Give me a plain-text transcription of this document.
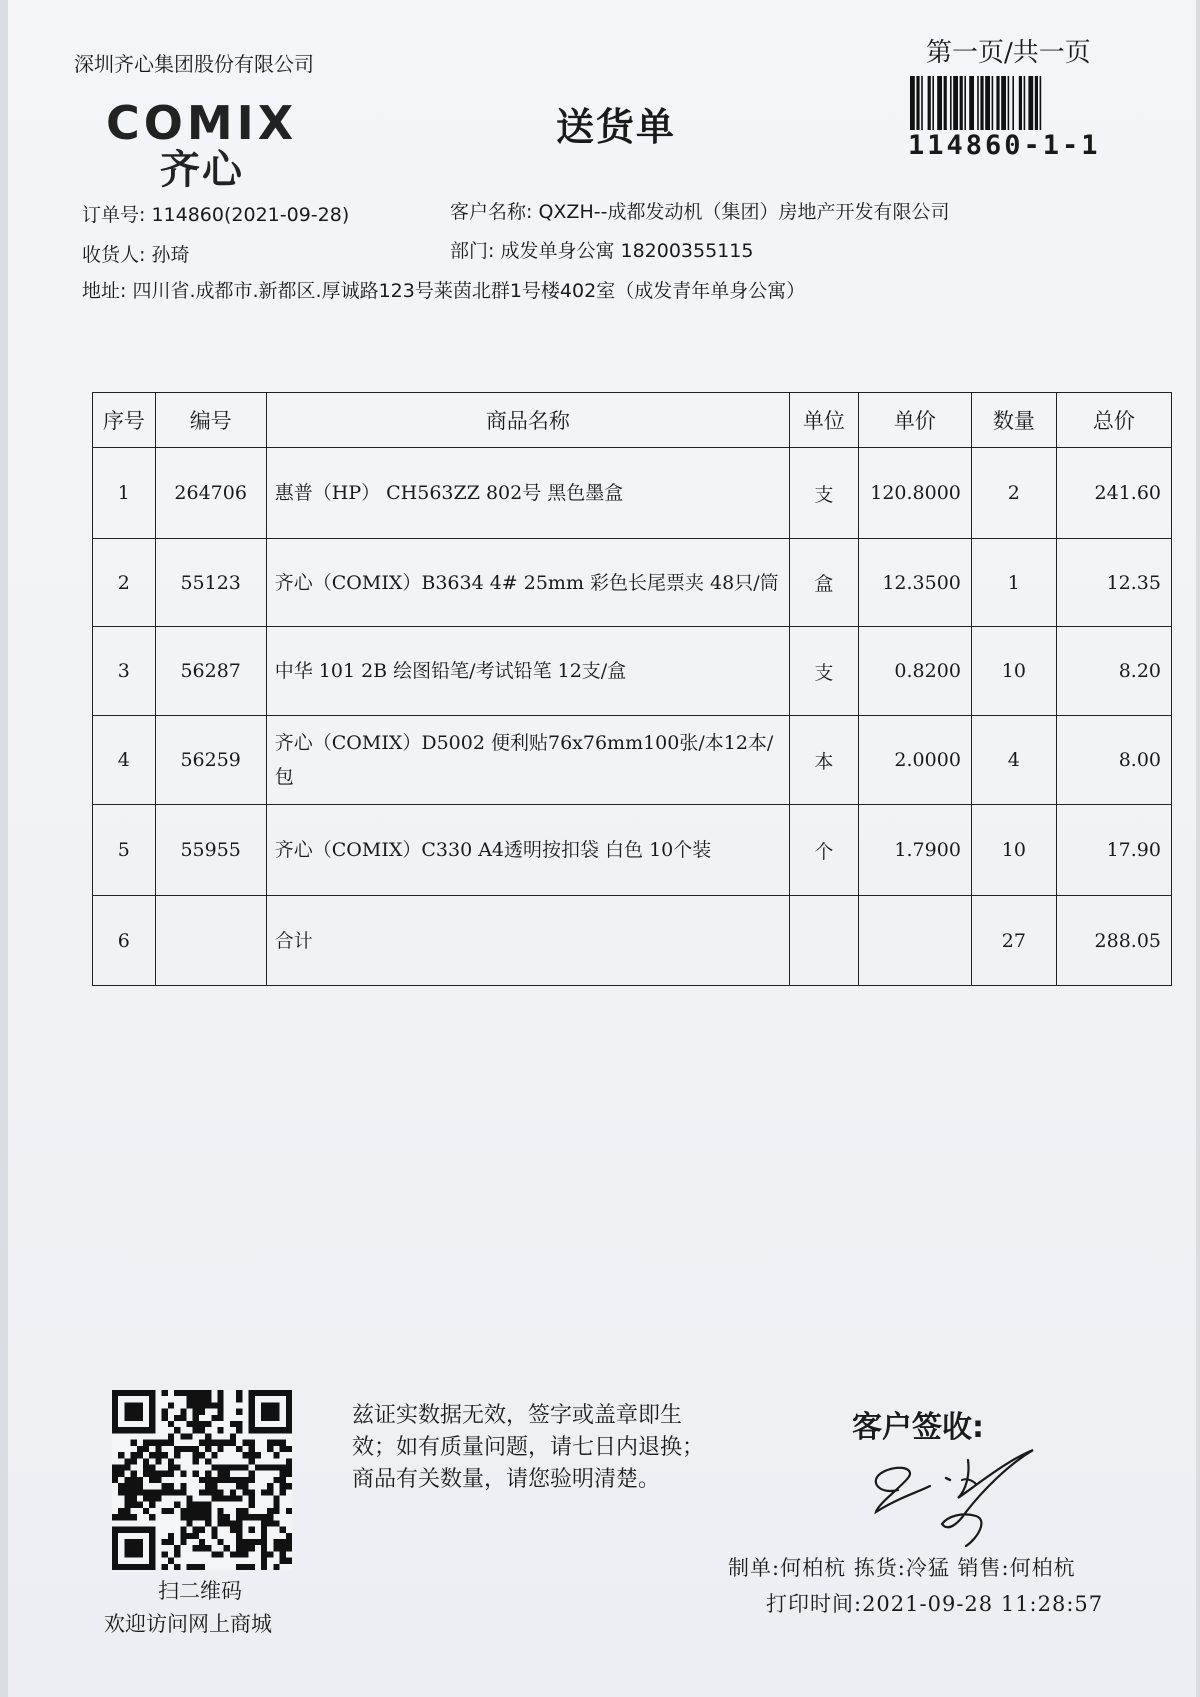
深圳齐心集团股份有限公司	第一页/共一页
COMIX
齐心
送货单	114860-1-1
订单号: 114860(2021-09-28)	客户名称: QXZH--成都发动机（集团）房地产开发有限公司
收货人: 孙琦	部门: 成发单身公寓 18200355115
地址: 四川省.成都市.新都区.厚诚路123号莱茵北群1号楼402室（成发青年单身公寓）
序号	编号	商品名称	单位	单价	数量	总价
1	264706	惠普（HP） CH563ZZ 802号 黑色墨盒	支	120.8000	2	241.60
2	55123	齐心（COMIX）B3634 4# 25mm 彩色长尾票夹 48只/筒	盒	12.3500	1	12.35
3	56287	中华 101 2B 绘图铅笔/考试铅笔 12支/盒	支	0.8200	10	8.20
4	56259	齐心（COMIX）D5002 便利贴76x76mm100张/本12本/包	本	2.0000	4	8.00
5	55955	齐心（COMIX）C330 A4透明按扣袋 白色 10个装	个	1.7900	10	17.90
6		合计			27	288.05
扫二维码
欢迎访问网上商城
兹证实数据无效，签字或盖章即生
效；如有质量问题，请七日内退换；
商品有关数量，请您验明清楚。
客户签收:
制单:何柏杭 拣货:冷猛 销售:何柏杭
打印时间:2021-09-28 11:28:57
